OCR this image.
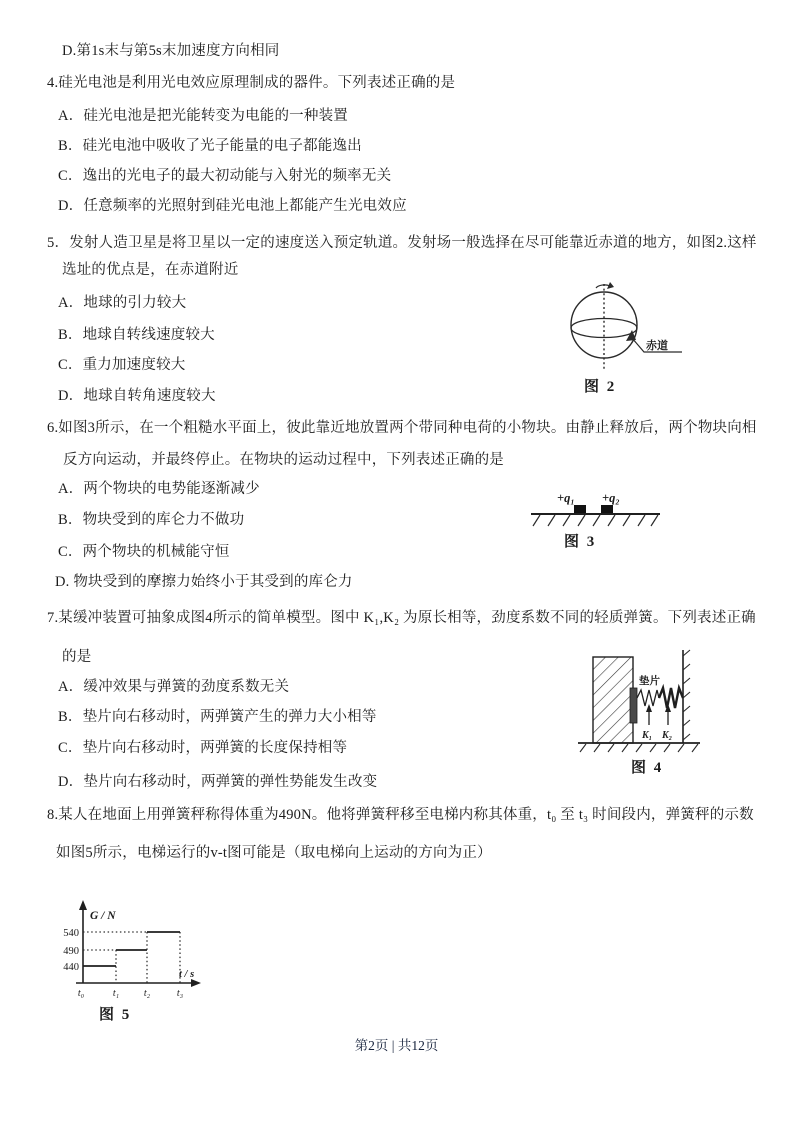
D.第1s末与第5s末加速度方向相同
4.硅光电池是利用光电效应原理制成的器件。下列表述正确的是
A．硅光电池是把光能转变为电能的一种装置
B．硅光电池中吸收了光子能量的电子都能逸出
C．逸出的光电子的最大初动能与入射光的频率无关
D．任意频率的光照射到硅光电池上都能产生光电效应
5．发射人造卫星是将卫星以一定的速度送入预定轨道。发射场一般选择在尽可能靠近赤道的地方，如图2.这样
选址的优点是，在赤道附近
A．地球的引力较大
B．地球自转线速度较大
C．重力加速度较大
D．地球自转角速度较大
赤道
图 2
6.如图3所示，在一个粗糙水平面上，彼此靠近地放置两个带同种电荷的小物块。由静止释放后，两个物块向相
反方向运动，并最终停止。在物块的运动过程中，下列表述正确的是
A．两个物块的电势能逐渐减少
B．物块受到的库仑力不做功
C．两个物块的机械能守恒
D. 物块受到的摩擦力始终小于其受到的库仑力
+q₁ +q₂
图 3
7.某缓冲装置可抽象成图4所示的简单模型。图中 K₁,K₂ 为原长相等，劲度系数不同的轻质弹簧。下列表述正确
的是
A．缓冲效果与弹簧的劲度系数无关
B．垫片向右移动时，两弹簧产生的弹力大小相等
C．垫片向右移动时，两弹簧的长度保持相等
D．垫片向右移动时，两弹簧的弹性势能发生改变
垫片
K₁ K₂
图 4
8.某人在地面上用弹簧秤称得体重为490N。他将弹簧秤移至电梯内称其体重，t₀ 至 t₃ 时间段内，弹簧秤的示数
如图5所示，电梯运行的v-t图可能是（取电梯向上运动的方向为正）
G / N
t / s
540
490
440
t₀	t₁ t₂	t₃
图 5
第2页 | 共12页
